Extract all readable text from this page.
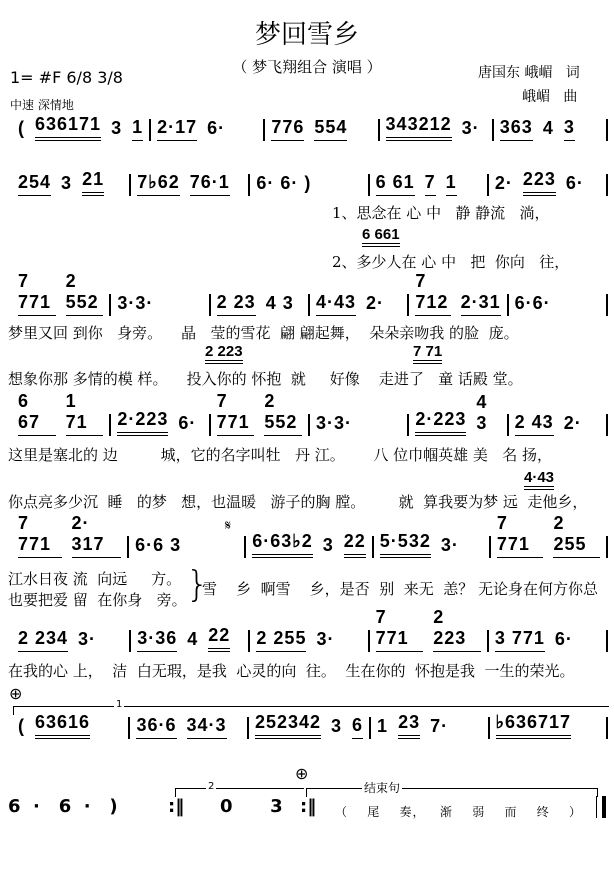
梦回雪乡
（ 梦飞翔组合 演唱 ）
1= #F 6/8 3/8
中速 深情地
唐国东 峨嵋   词
峨嵋   曲
( 636171 3 1 2·17 6·	776 554 343212 3· 363 4 3
254 3 21 7♭62 76·1 6· 6· )	6 61 7 1 2· 223 6·
1、思念在 心 中   静 静流   淌，
6 661
2、多少人在 心 中   把  你向   往，
7 771
2 552 3·3·	2 23 4 3 4·43 2·
7 712 2·31 6·6·
梦里又回 到你   身旁。    晶   莹的雪花  翩 翩起舞，  朵朵亲吻我 的脸  庞。
2 223	7 71
想象你那 多情的模 样。    投入你的 怀抱  就     好像    走进了   童 话殿 堂。
6 67
1 71	2·223 6·
7 771
2 552 3·3·	2·223
4 3	2 43 2·
这里是塞北的 边         城，它的名字叫牡   丹 江。      八 位巾帼英雄 美   名 扬，
4·43
你点亮多少沉  睡   的梦   想，也温暖   游子的胸 膛。       就  算我要为梦 远  走他乡，
𝄋
7 771
2· 317	6·6 3	6·63♭2 3 22 5·532 3·
7 771
2 255
江水日夜 流  向远     方。
也要把爱 留  在你身   旁。 }
雪    乡  啊雪    乡，是否  别  来无  恙？ 无论身在何方你总
2 234 3· 3·36 4 22 2 255 3·
7 771
2 223	3 771 6·
在我的心 上，  洁  白无瑕，是我  心灵的向  往。  生在你的  怀抱是我  一生的荣光。
⊕
1
( 63616	36·6 34·3 252342 3 6 1 23 7·	♭636717
⊕
2	结束句
6  ·   6  ·   )	:‖ 0      3 :‖ （    尾    奏，   渐    弱    而    终    ）
